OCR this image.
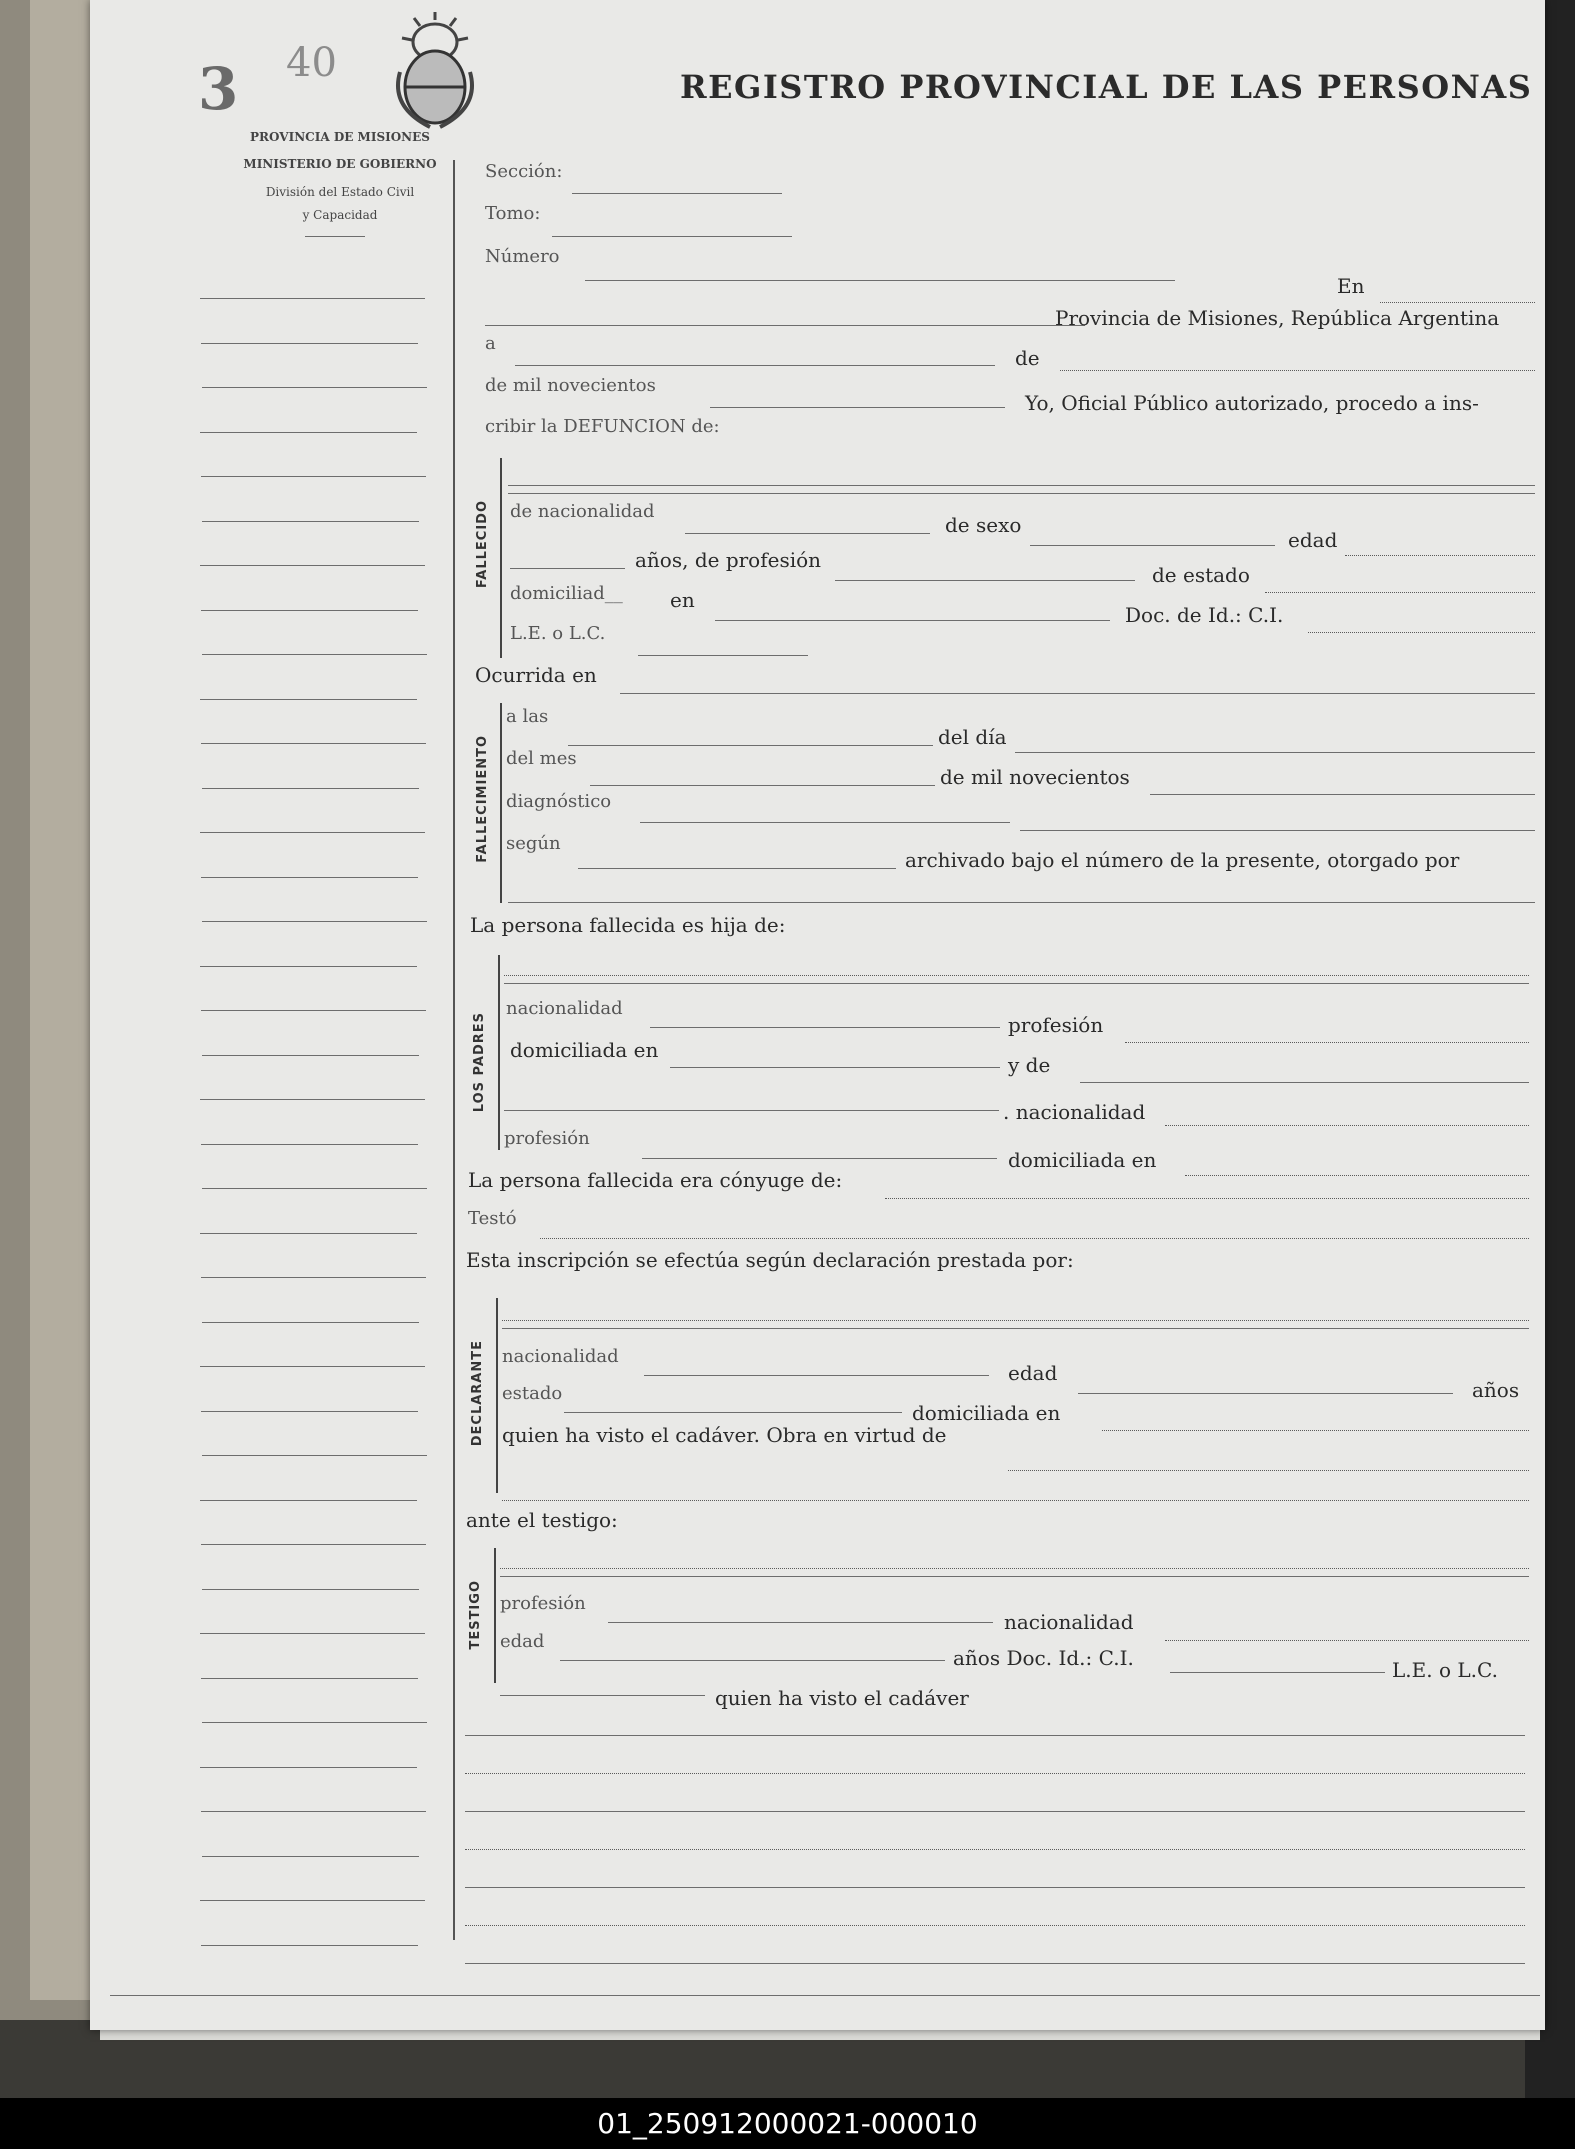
3 40
PROVINCIA DE MISIONES
MINISTERIO DE GOBIERNO
División del Estado Civil
y Capacidad
REGISTRO PROVINCIAL DE LAS PERSONAS
Sección:
Tomo:
Número
En
Provincia de Misiones, República Argentina
a
de
de mil novecientos
Yo, Oficial Público autorizado, procedo a ins-
cribir la DEFUNCION de:
FALLECIDO de nacionalidad
de sexo
edad
años, de profesión
de estado
domiciliad__ en
Doc. de Id.: C.I.
L.E. o L.C.
Ocurrida en
FALLECIMIENTO
a las
del día
del mes
de mil novecientos
diagnóstico
según
archivado bajo el número de la presente, otorgado por
La persona fallecida es hija de:
LOS PADRES
nacionalidad
profesión
domiciliada en
y de
. nacionalidad
profesión
domiciliada en
La persona fallecida era cónyuge de:
Testó
Esta inscripción se efectúa según declaración prestada por:
DECLARANTE nacionalidad
edad
años
estado
domiciliada en
quien ha visto el cadáver. Obra en virtud de
ante el testigo:
TESTIGO profesión
nacionalidad
edad
años Doc. Id.: C.I.	L.E. o L.C.
quien ha visto el cadáver
01_250912000021-000010
